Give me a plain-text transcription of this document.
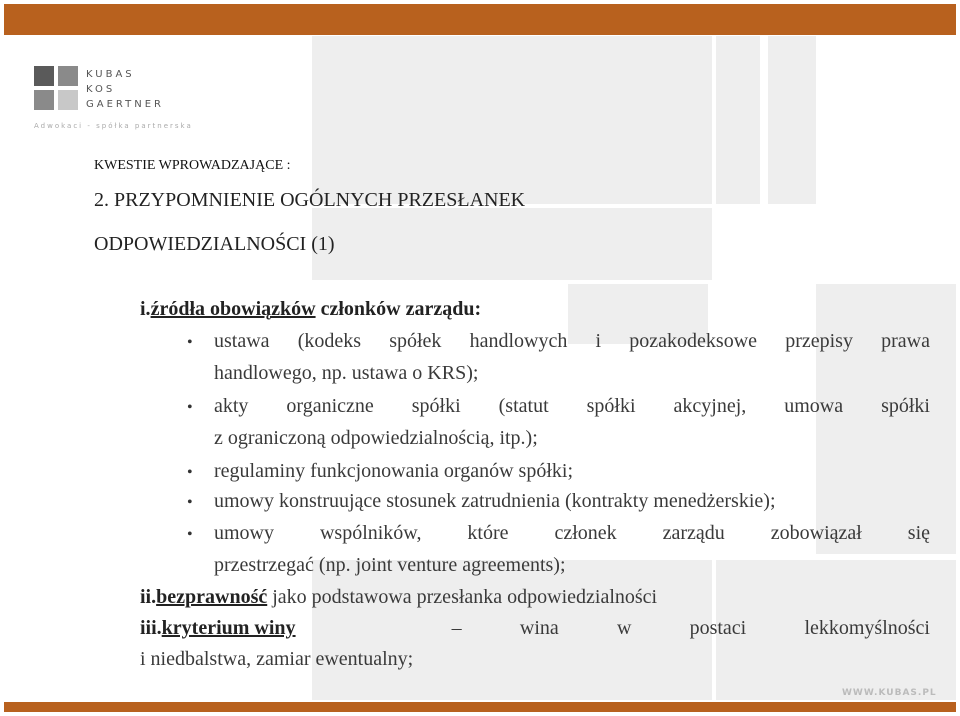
KUBAS
KOS
GAERTNER
Adwokaci - spółka partnerska
KWESTIE WPROWADZAJĄCE :
2. PRZYPOMNIENIE OGÓLNYCH PRZESŁANEK
ODPOWIEDZIALNOŚCI (1)
i.źródła obowiązków członków zarządu:
• ustawa (kodeks spółek handlowych i pozakodeksowe przepisy prawa
handlowego, np. ustawa o KRS);
• akty organiczne spółki (statut spółki akcyjnej, umowa spółki
z ograniczoną odpowiedzialnością, itp.);
• regulaminy funkcjonowania organów spółki;
• umowy konstruujące stosunek zatrudnienia (kontrakty menedżerskie);
• umowy wspólników, które członek zarządu zobowiązał się
przestrzegać (np. joint venture agreements);
ii.bezprawność jako podstawowa przesłanka odpowiedzialności
iii. kryterium winy	– wina w postaci lekkomyślności
i niedbalstwa, zamiar ewentualny;
WWW.KUBAS.PL
